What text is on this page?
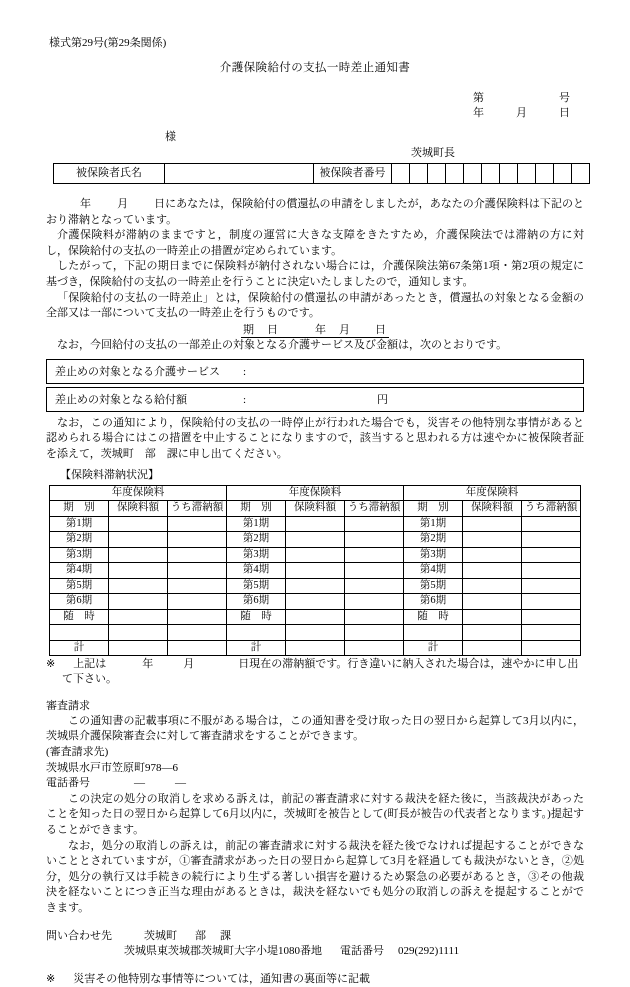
様式第29号(第29条関係)
介護保険給付の支払一時差止通知書
第	号
年	月	日
様
茨城町長
被保険者氏名		被保険者番号											

年 月 日にあなたは，保険給付の償還払の申請をしましたが，あなたの介護保険料は下記のとおり滞納となっています。

介護保険料が滞納のままですと，制度の運営に大きな支障をきたすため，介護保険法では滞納の方に対し，保険給付の支払の一時差止の措置が定められています。

したがって，下記の期日までに保険料が納付されない場合には，介護保険法第67条第1項・第2項の規定に基づき，保険給付の支払の一時差止を行うことに決定いたしましたので，通知します。

「保険給付の支払の一時差止」とは，保険給付の償還払の申請があったとき，償還払の対象となる金額の全部又は一部について支払の一時差止を行うものです。

期　日　　　年　月　　日

なお，今回給付の支払の一部差止の対象となる介護サービス及び金額は，次のとおりです。

差止めの対象となる介護サービス :
差止めの対象となる給付額	:	円

なお，この通知により，保険給付の支払の一時停止が行われた場合でも，災害その他特別な事情があると認められる場合にはこの措置を中止することになりますので，該当すると思われる方は速やかに被保険者証を添えて，茨城町　部　課に申し出てください。

【保険料滞納状況】
年度保険料			年度保険料			年度保険料		
期　別	保険料額	うち滞納額	期　別	保険料額	うち滞納額	期　別	保険料額	うち滞納額
第1期			第1期			第1期		
第2期			第2期			第2期		
第3期			第3期			第3期		
第4期			第4期			第4期		
第5期			第5期			第5期		
第6期			第6期			第6期		
随　時			随　時			随　時		

計			計			計		

※ 上記は	年	月	日現在の滞納額です。行き違いに納入された場合は，速やかに申し出

て下さい。

審査請求

この通知書の記載事項に不服がある場合は，この通知書を受け取った日の翌日から起算して3月以内に，茨城県介護保険審査会に対して審査請求をすることができます。

(審査請求先)

茨城県水戸市笠原町978—6

電話番号	—	—

この決定の処分の取消しを求める訴えは，前記の審査請求に対する裁決を経た後に，当該裁決があったことを知った日の翌日から起算して6月以内に，茨城町を被告として(町長が被告の代表者となります。)提起することができます。

なお，処分の取消しの訴えは，前記の審査請求に対する裁決を経た後でなければ提起することができないこととされていますが，①審査請求があった日の翌日から起算して3月を経過しても裁決がないとき，②処分，処分の執行又は手続きの続行により生ずる著しい損害を避けるため緊急の必要があるとき，③その他裁決を経ないことにつき正当な理由があるときは，裁決を経ないでも処分の取消しの訴えを提起することができます。

問い合わせ先	茨城町 部 課
茨城県東茨城郡茨城町大字小堤1080番地 電話番号 029(292)1111
※ 災害その他特別な事情等については，通知書の裏面等に記載
